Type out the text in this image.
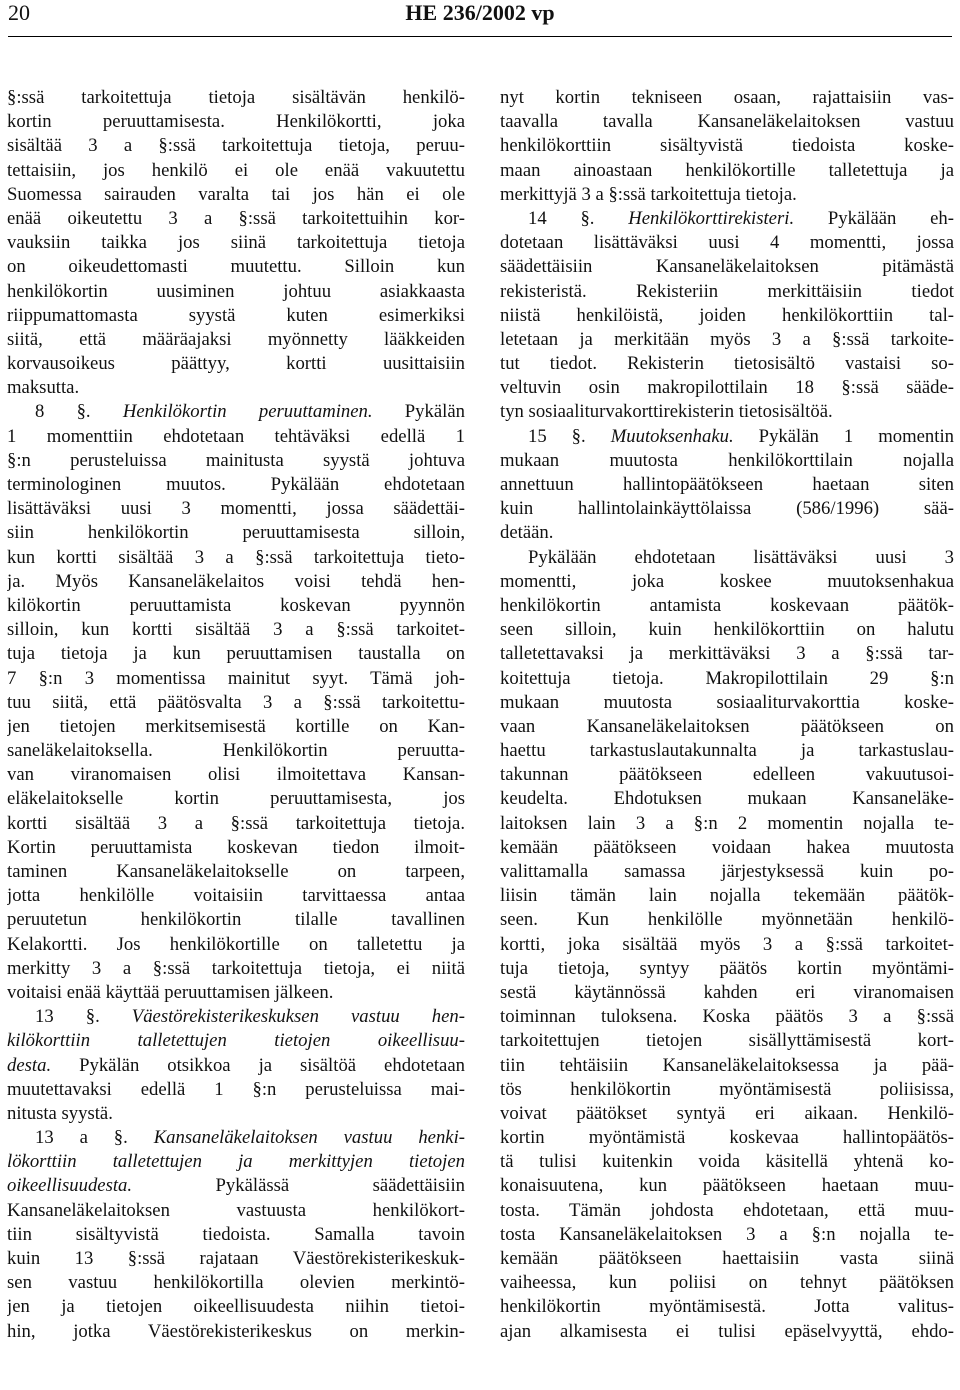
20	HE 236/2002 vp
§:ssä tarkoitettuja tietoja sisältävän henkilö-
kortin peruuttamisesta. Henkilökortti, joka
sisältää 3 a §:ssä tarkoitettuja tietoja, peruu-
tettaisiin, jos henkilö ei ole enää vakuutettu
Suomessa sairauden varalta tai jos hän ei ole
enää oikeutettu 3 a §:ssä tarkoitettuihin kor-
vauksiin taikka jos siinä tarkoitettuja tietoja
on oikeudettomasti muutettu. Silloin kun
henkilökortin uusiminen johtuu asiakkaasta
riippumattomasta syystä kuten esimerkiksi
siitä, että määräajaksi myönnetty lääkkeiden
korvausoikeus päättyy, kortti uusittaisiin
maksutta.
8 §. Henkilökortin peruuttaminen. Pykälän
1 momenttiin ehdotetaan tehtäväksi edellä 1
§:n perusteluissa mainitusta syystä johtuva
terminologinen muutos. Pykälään ehdotetaan
lisättäväksi uusi 3 momentti, jossa säädettäi-
siin henkilökortin peruuttamisesta silloin,
kun kortti sisältää 3 a §:ssä tarkoitettuja tieto-
ja. Myös Kansaneläkelaitos voisi tehdä hen-
kilökortin peruuttamista koskevan pyynnön
silloin, kun kortti sisältää 3 a §:ssä tarkoitet-
tuja tietoja ja kun peruuttamisen taustalla on
7 §:n 3 momentissa mainitut syyt. Tämä joh-
tuu siitä, että päätösvalta 3 a §:ssä tarkoitettu-
jen tietojen merkitsemisestä kortille on Kan-
saneläkelaitoksella. Henkilökortin peruutta-
van viranomaisen olisi ilmoitettava Kansan-
eläkelaitokselle kortin peruuttamisesta, jos
kortti sisältää 3 a §:ssä tarkoitettuja tietoja.
Kortin peruuttamista koskevan tiedon ilmoit-
taminen Kansaneläkelaitokselle on tarpeen,
jotta henkilölle voitaisiin tarvittaessa antaa
peruutetun henkilökortin tilalle tavallinen
Kelakortti. Jos henkilökortille on talletettu ja
merkitty 3 a §:ssä tarkoitettuja tietoja, ei niitä
voitaisi enää käyttää peruuttamisen jälkeen.
13 §. Väestörekisterikeskuksen vastuu hen-
kilökorttiin talletettujen tietojen oikeellisuu-
desta. Pykälän otsikkoa ja sisältöä ehdotetaan
muutettavaksi edellä 1 §:n perusteluissa mai-
nitusta syystä.
13 a §. Kansaneläkelaitoksen vastuu henki-
lökorttiin talletettujen ja merkittyjen tietojen
oikeellisuudesta. Pykälässä säädettäisiin
Kansaneläkelaitoksen vastuusta henkilökort-
tiin sisältyvistä tiedoista. Samalla tavoin
kuin 13 §:ssä rajataan Väestörekisterikeskuk-
sen vastuu henkilökortilla olevien merkintö-
jen ja tietojen oikeellisuudesta niihin tietoi-
hin, jotka Väestörekisterikeskus on merkin-
nyt kortin tekniseen osaan, rajattaisiin vas-
taavalla tavalla Kansaneläkelaitoksen vastuu
henkilökorttiin sisältyvistä tiedoista koske-
maan ainoastaan henkilökortille talletettuja ja
merkittyjä 3 a §:ssä tarkoitettuja tietoja.
14 §. Henkilökorttirekisteri. Pykälään eh-
dotetaan lisättäväksi uusi 4 momentti, jossa
säädettäisiin Kansaneläkelaitoksen pitämästä
rekisteristä. Rekisteriin merkittäisiin tiedot
niistä henkilöistä, joiden henkilökorttiin tal-
letetaan ja merkitään myös 3 a §:ssä tarkoite-
tut tiedot. Rekisterin tietosisältö vastaisi so-
veltuvin osin makropilottilain 18 §:ssä sääde-
tyn sosiaaliturvakorttirekisterin tietosisältöä.
15 §. Muutoksenhaku. Pykälän 1 momentin
mukaan muutosta henkilökorttilain nojalla
annettuun hallintopäätökseen haetaan siten
kuin hallintolainkäyttölaissa (586/1996) sää-
detään.
Pykälään ehdotetaan lisättäväksi uusi 3
momentti, joka koskee muutoksenhakua
henkilökortin antamista koskevaan päätök-
seen silloin, kuin henkilökorttiin on halutu
talletettavaksi ja merkittäväksi 3 a §:ssä tar-
koitettuja tietoja. Makropilottilain 29 §:n
mukaan muutosta sosiaaliturvakorttia koske-
vaan Kansaneläkelaitoksen päätökseen on
haettu tarkastuslautakunnalta ja tarkastuslau-
takunnan päätökseen edelleen vakuutusoi-
keudelta. Ehdotuksen mukaan Kansaneläke-
laitoksen lain 3 a §:n 2 momentin nojalla te-
kemään päätökseen voidaan hakea muutosta
valittamalla samassa järjestyksessä kuin po-
liisin tämän lain nojalla tekemään päätök-
seen. Kun henkilölle myönnetään henkilö-
kortti, joka sisältää myös 3 a §:ssä tarkoitet-
tuja tietoja, syntyy päätös kortin myöntämi-
sestä käytännössä kahden eri viranomaisen
toiminnan tuloksena. Koska päätös 3 a §:ssä
tarkoitettujen tietojen sisällyttämisestä kort-
tiin tehtäisiin Kansaneläkelaitoksessa ja pää-
tös henkilökortin myöntämisestä poliisissa,
voivat päätökset syntyä eri aikaan. Henkilö-
kortin myöntämistä koskevaa hallintopäätös-
tä tulisi kuitenkin voida käsitellä yhtenä ko-
konaisuutena, kun päätökseen haetaan muu-
tosta. Tämän johdosta ehdotetaan, että muu-
tosta Kansaneläkelaitoksen 3 a §:n nojalla te-
kemään päätökseen haettaisiin vasta siinä
vaiheessa, kun poliisi on tehnyt päätöksen
henkilökortin myöntämisestä. Jotta valitus-
ajan alkamisesta ei tulisi epäselvyyttä, ehdo-
